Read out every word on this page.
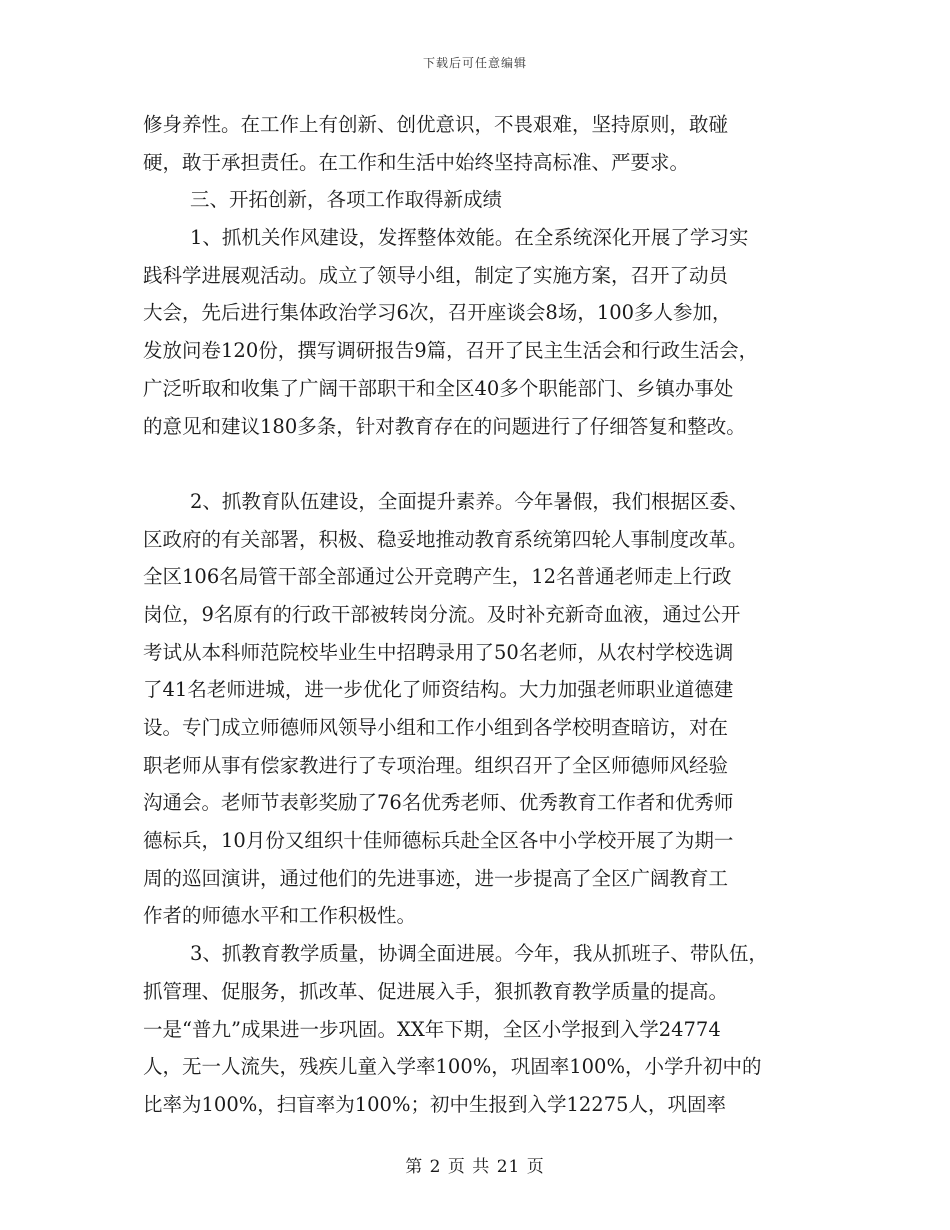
下载后可任意编辑
修身养性。在工作上有创新、创优意识，不畏艰难，坚持原则，敢碰
硬，敢于承担责任。在工作和生活中始终坚持高标准、严要求。
三、开拓创新，各项工作取得新成绩
1、抓机关作风建设，发挥整体效能。在全系统深化开展了学习实
践科学进展观活动。成立了领导小组，制定了实施方案，召开了动员
大会，先后进行集体政治学习6次，召开座谈会8场，100多人参加，
发放问卷120份，撰写调研报告9篇，召开了民主生活会和行政生活会，
广泛听取和收集了广阔干部职干和全区40多个职能部门、乡镇办事处
的意见和建议180多条，针对教育存在的问题进行了仔细答复和整改。
2、抓教育队伍建设，全面提升素养。今年暑假，我们根据区委、
区政府的有关部署，积极、稳妥地推动教育系统第四轮人事制度改革。
全区106名局管干部全部通过公开竞聘产生，12名普通老师走上行政
岗位，9名原有的行政干部被转岗分流。及时补充新奇血液，通过公开
考试从本科师范院校毕业生中招聘录用了50名老师，从农村学校选调
了41名老师进城，进一步优化了师资结构。大力加强老师职业道德建
设。专门成立师德师风领导小组和工作小组到各学校明查暗访，对在
职老师从事有偿家教进行了专项治理。组织召开了全区师德师风经验
沟通会。老师节表彰奖励了76名优秀老师、优秀教育工作者和优秀师
德标兵，10月份又组织十佳师德标兵赴全区各中小学校开展了为期一
周的巡回演讲，通过他们的先进事迹，进一步提高了全区广阔教育工
作者的师德水平和工作积极性。
3、抓教育教学质量，协调全面进展。今年，我从抓班子、带队伍，
抓管理、促服务，抓改革、促进展入手，狠抓教育教学质量的提高。
一是“普九”成果进一步巩固。XX年下期，全区小学报到入学24774
人，无一人流失，残疾儿童入学率100%，巩固率100%，小学升初中的
比率为100%，扫盲率为100%；初中生报到入学12275人，巩固率
第 2 页 共 21 页
